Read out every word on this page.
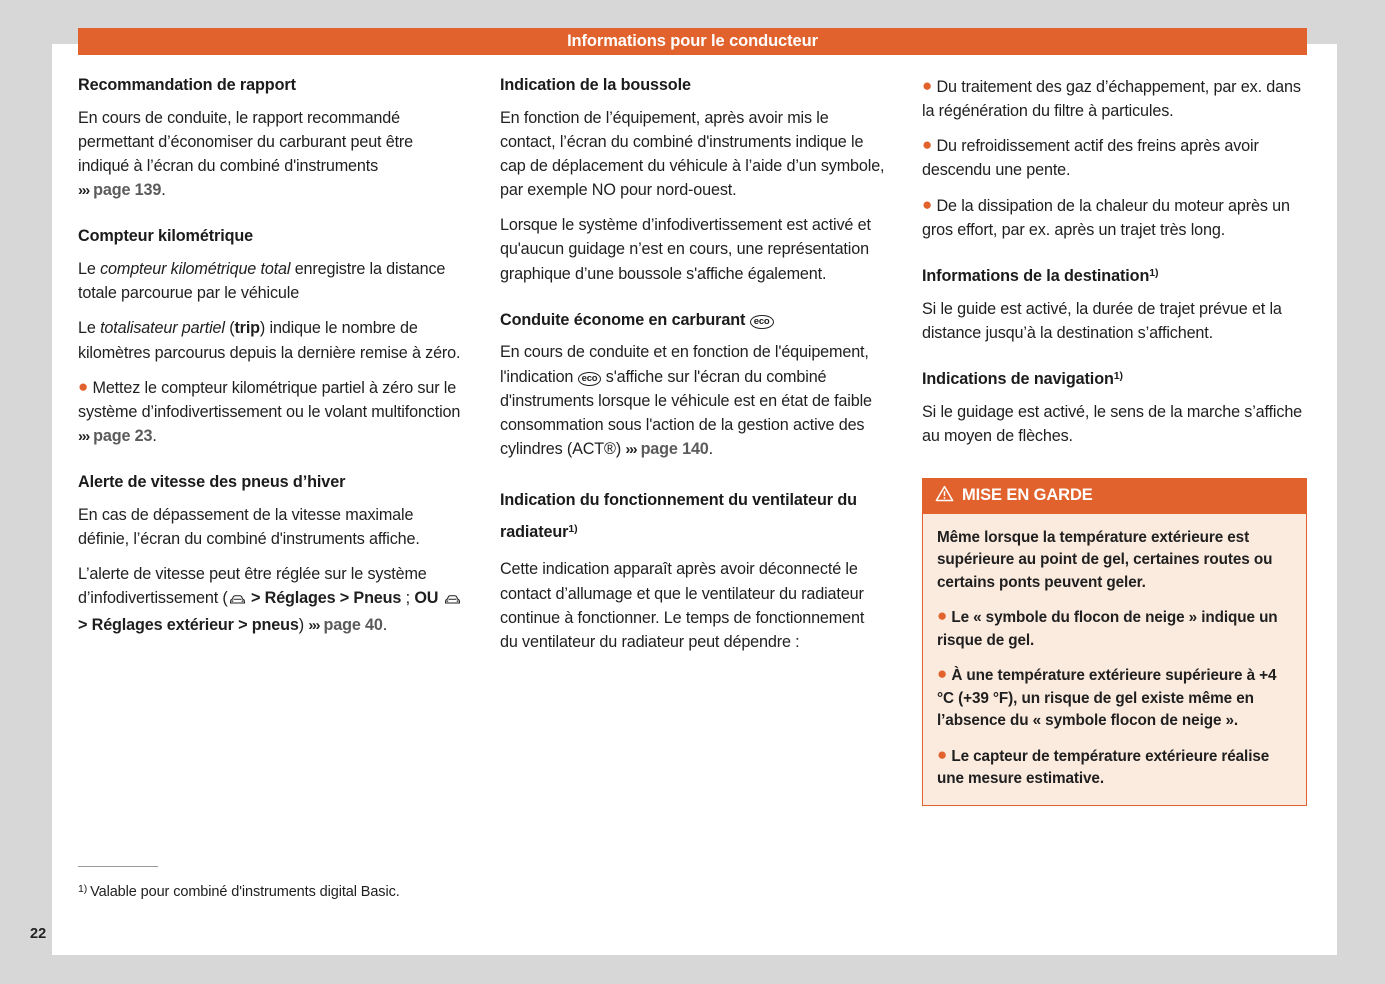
Informations pour le conducteur
Recommandation de rapport

En cours de conduite, le rapport recommandé permettant d’économiser du carburant peut être indiqué à l’écran du combiné d'instruments ››› page 139.

Compteur kilométrique

Le compteur kilométrique total enregistre la distance totale parcourue par le véhicule

Le totalisateur partiel (trip) indique le nombre de kilomètres parcourus depuis la dernière remise à zéro.

● Mettez le compteur kilométrique partiel à zéro sur le système d’infodivertissement ou le volant multifonction ››› page 23.

Alerte de vitesse des pneus d’hiver

En cas de dépassement de la vitesse maximale définie, l’écran du combiné d'instruments affiche.

L’alerte de vitesse peut être réglée sur le système d’infodivertissement ( > Réglages > Pneus ; OU  > Réglages extérieur > pneus) ››› page 40.

Indication de la boussole

En fonction de l’équipement, après avoir mis le contact, l’écran du combiné d'instruments indique le cap de déplacement du véhicule à l’aide d’un symbole, par exemple NO pour nord-ouest.

Lorsque le système d’infodivertissement est activé et qu'aucun guidage n’est en cours, une représentation graphique d’une boussole s'affiche également.

Conduite économe en carburant eco

En cours de conduite et en fonction de l'équipement, l'indication eco s'affiche sur l'écran du combiné d'instruments lorsque le véhicule est en état de faible consommation sous l'action de la gestion active des cylindres (ACT®) ››› page 140.

Indication du fonctionnement du ventilateur du radiateur$^{1)}$

Cette indication apparaît après avoir déconnecté le contact d’allumage et que le ventilateur du radiateur continue à fonctionner. Le temps de fonctionnement du ventilateur du radiateur peut dépendre :

● Du traitement des gaz d’échappement, par ex. dans la régénération du filtre à particules.

● Du refroidissement actif des freins après avoir descendu une pente.

● De la dissipation de la chaleur du moteur après un gros effort, par ex. après un trajet très long.

Informations de la destination$^{1)}$

Si le guide est activé, la durée de trajet prévue et la distance jusqu’à la destination s’affichent.

Indications de navigation$^{1)}$

Si le guidage est activé, le sens de la marche s’affiche au moyen de flèches.

MISE EN GARDE

Même lorsque la température extérieure est supérieure au point de gel, certaines routes ou certains ponts peuvent geler.

● Le « symbole du flocon de neige » indique un risque de gel.

● À une température extérieure supérieure à +4 °C (+39 °F), un risque de gel existe même en l’absence du « symbole flocon de neige ».

● Le capteur de température extérieure réalise une mesure estimative.

$^{1)}$ Valable pour combiné d'instruments digital Basic.
22
